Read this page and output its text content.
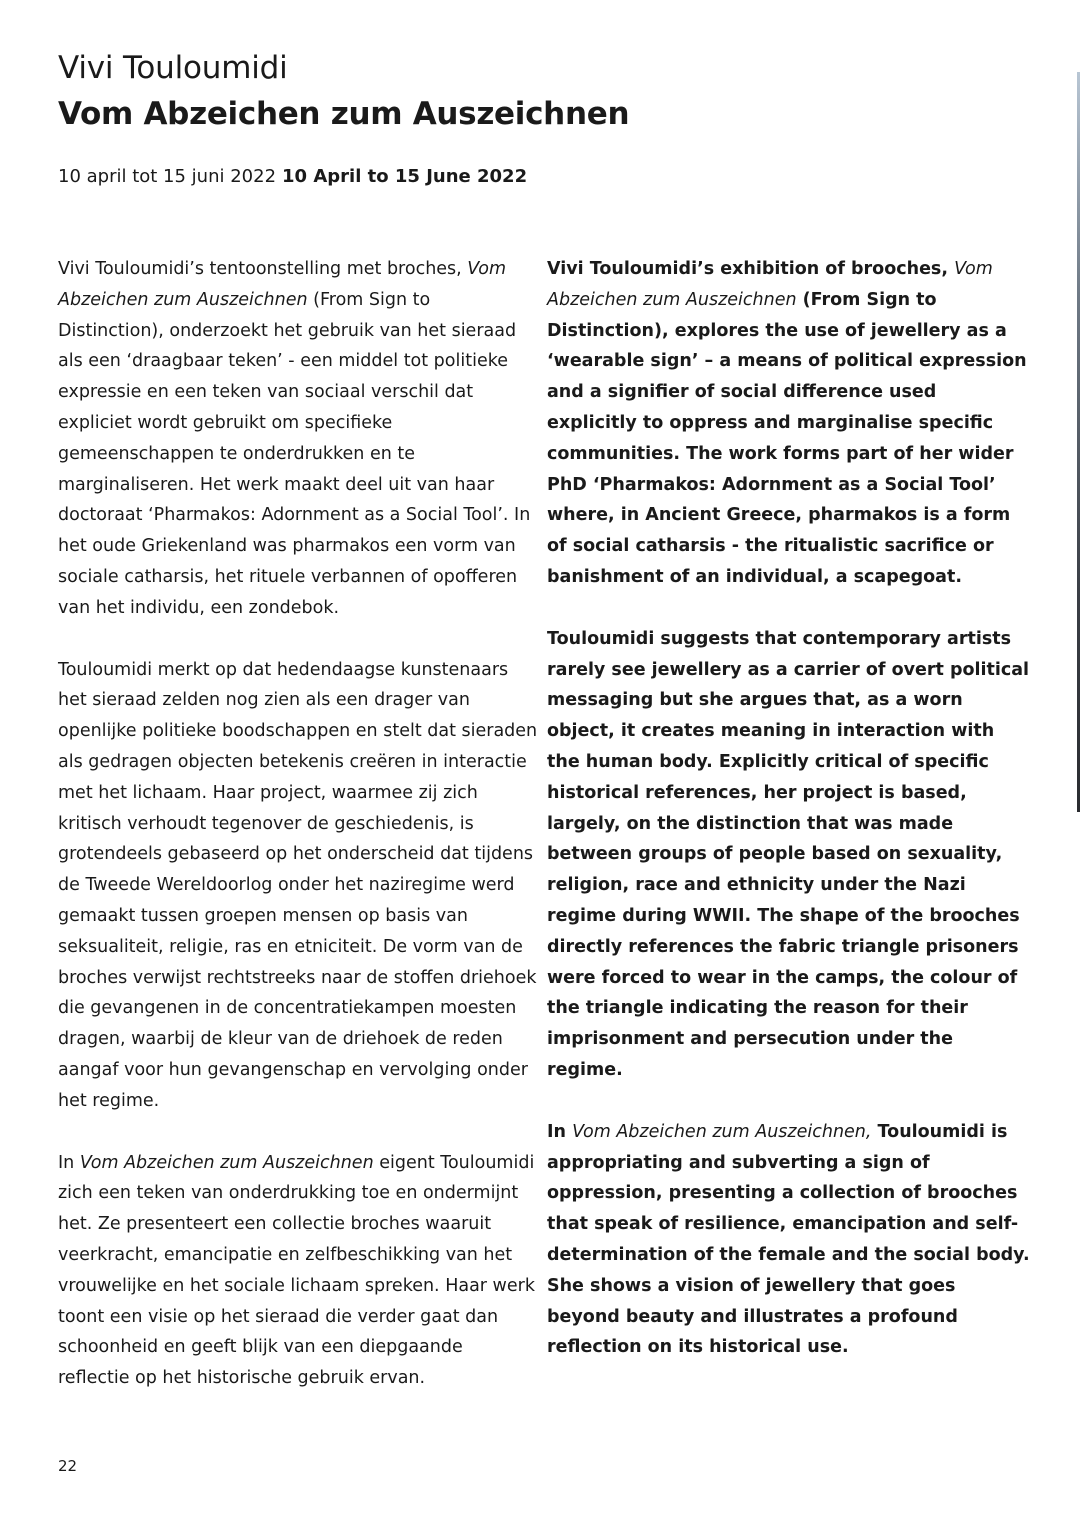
Vivi Touloumidi
Vom Abzeichen zum Auszeichnen
10 april tot 15 juni 2022 10 April to 15 June 2022

Vivi Touloumidi’s tentoonstelling met broches, Vom Abzeichen zum Auszeichnen (From Sign to Distinction), onderzoekt het gebruik van het sieraad als een ‘draagbaar teken’ - een middel tot politieke expressie en een teken van sociaal verschil dat expliciet wordt gebruikt om specifieke gemeenschappen te onderdrukken en te marginaliseren. Het werk maakt deel uit van haar doctoraat ‘Pharmakos: Adornment as a Social Tool’. In het oude Griekenland was pharmakos een vorm van sociale catharsis, het rituele verbannen of opofferen van het individu, een zondebok.

Touloumidi merkt op dat hedendaagse kunstenaars het sieraad zelden nog zien als een drager van openlijke politieke boodschappen en stelt dat sieraden als gedragen objecten betekenis creëren in interactie met het lichaam. Haar project, waarmee zij zich kritisch verhoudt tegenover de geschiedenis, is grotendeels gebaseerd op het onderscheid dat tijdens de Tweede Wereldoorlog onder het naziregime werd gemaakt tussen groepen mensen op basis van seksualiteit, religie, ras en etniciteit. De vorm van de broches verwijst rechtstreeks naar de stoffen driehoek die gevangenen in de concentratiekampen moesten dragen, waarbij de kleur van de driehoek de reden aangaf voor hun gevangenschap en vervolging onder het regime.

In Vom Abzeichen zum Auszeichnen eigent Touloumidi zich een teken van onderdrukking toe en ondermijnt het. Ze presenteert een collectie broches waaruit veerkracht, emancipatie en zelfbeschikking van het vrouwelijke en het sociale lichaam spreken. Haar werk toont een visie op het sieraad die verder gaat dan schoonheid en geeft blijk van een diepgaande reflectie op het historische gebruik ervan.

Vivi Touloumidi’s exhibition of brooches, Vom Abzeichen zum Auszeichnen (From Sign to Distinction), explores the use of jewellery as a ‘wearable sign’ – a means of political expression and a signifier of social difference used explicitly to oppress and marginalise specific communities. The work forms part of her wider PhD ‘Pharmakos: Adornment as a Social Tool’ where, in Ancient Greece, pharmakos is a form of social catharsis - the ritualistic sacrifice or banishment of an individual, a scapegoat.

Touloumidi suggests that contemporary artists rarely see jewellery as a carrier of overt political messaging but she argues that, as a worn object, it creates meaning in interaction with the human body. Explicitly critical of specific historical references, her project is based, largely, on the distinction that was made between groups of people based on sexuality, religion, race and ethnicity under the Nazi regime during WWII. The shape of the brooches directly references the fabric triangle prisoners were forced to wear in the camps, the colour of the triangle indicating the reason for their imprisonment and persecution under the regime.

In Vom Abzeichen zum Auszeichnen, Touloumidi is appropriating and subverting a sign of oppression, presenting a collection of brooches that speak of resilience, emancipation and self-determination of the female and the social body. She shows a vision of jewellery that goes beyond beauty and illustrates a profound reflection on its historical use.

22
